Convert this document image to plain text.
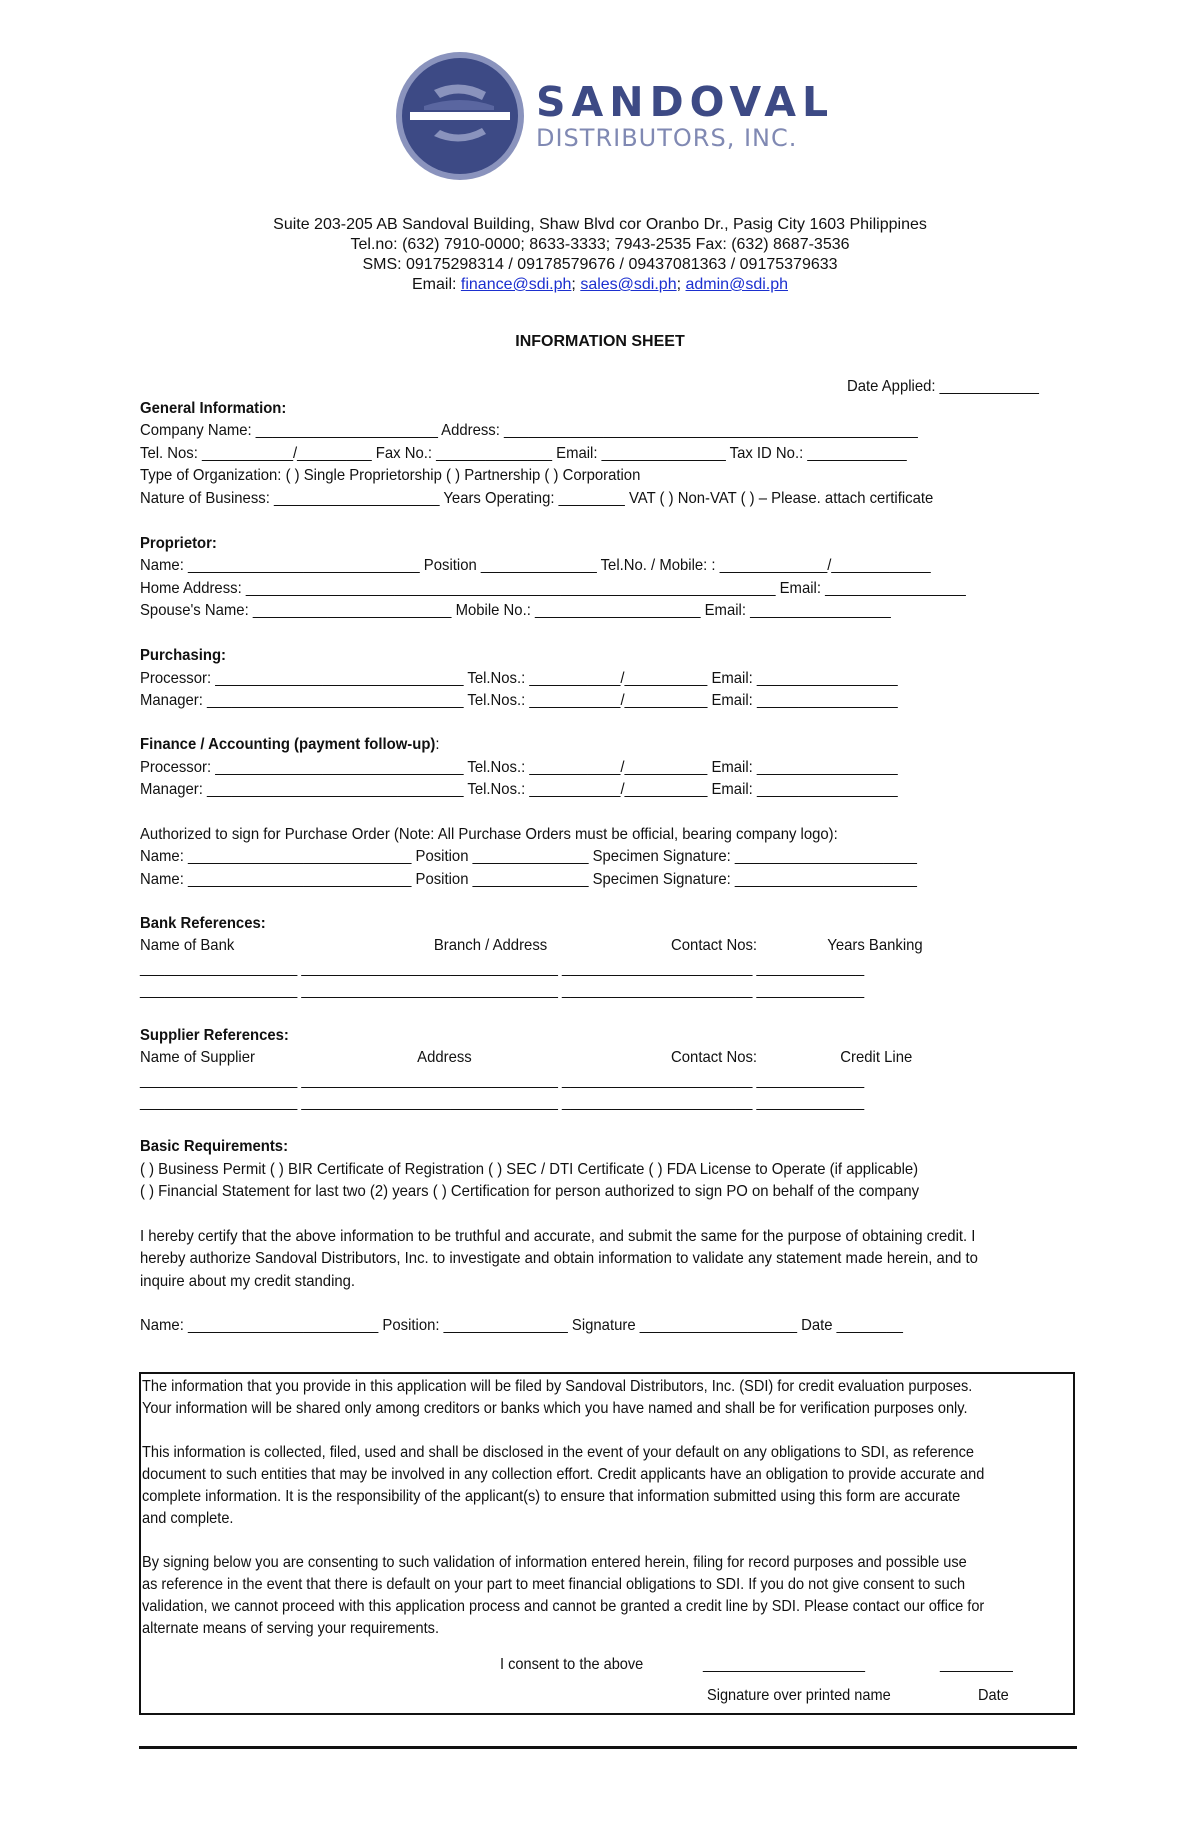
SANDOVAL
DISTRIBUTORS, INC.
Suite 203-205 AB Sandoval Building, Shaw Blvd cor Oranbo Dr., Pasig City 1603 Philippines
Tel.no: (632) 7910-0000; 8633-3333; 7943-2535 Fax: (632) 8687-3536
SMS: 09175298314 / 09178579676 / 09437081363 / 09175379633
Email: finance@sdi.ph; sales@sdi.ph; admin@sdi.ph
INFORMATION SHEET
Date Applied: ____________
General Information:
Company Name: ______________________ Address: __________________________________________________
Tel. Nos: ___________/_________ Fax No.: ______________ Email: _______________ Tax ID No.: ____________
Type of Organization: ( ) Single Proprietorship ( ) Partnership ( ) Corporation
Nature of Business: ____________________ Years Operating: ________ VAT ( ) Non-VAT ( ) – Please. attach certificate
Proprietor:
Name: ____________________________ Position ______________ Tel.No. / Mobile: : _____________/____________
Home Address: ________________________________________________________________ Email: _________________
Spouse's Name: ________________________ Mobile No.: ____________________ Email: _________________
Purchasing:
Processor: ______________________________ Tel.Nos.: ___________/__________ Email: _________________
Manager: _______________________________ Tel.Nos.: ___________/__________ Email: _________________
Finance / Accounting (payment follow-up):
Processor: ______________________________ Tel.Nos.: ___________/__________ Email: _________________
Manager: _______________________________ Tel.Nos.: ___________/__________ Email: _________________
Authorized to sign for Purchase Order (Note: All Purchase Orders must be official, bearing company logo):
Name: ___________________________ Position ______________ Specimen Signature: ______________________
Name: ___________________________ Position ______________ Specimen Signature: ______________________
Bank References:
Name of Bank	Branch / Address	Contact Nos:	Years Banking
___________________ _______________________________ _______________________ _____________
___________________ _______________________________ _______________________ _____________
Supplier References:
Name of Supplier	Address	Contact Nos:	Credit Line
___________________ _______________________________ _______________________ _____________
___________________ _______________________________ _______________________ _____________
Basic Requirements:
( ) Business Permit ( ) BIR Certificate of Registration ( ) SEC / DTI Certificate ( ) FDA License to Operate (if applicable)
( ) Financial Statement for last two (2) years ( ) Certification for person authorized to sign PO on behalf of the company
I hereby certify that the above information to be truthful and accurate, and submit the same for the purpose of obtaining credit. I
hereby authorize Sandoval Distributors, Inc. to investigate and obtain information to validate any statement made herein, and to
inquire about my credit standing.
Name: _______________________ Position: _______________ Signature ___________________ Date ________

The information that you provide in this application will be filed by Sandoval Distributors, Inc. (SDI) for credit evaluation purposes.

Your information will be shared only among creditors or banks which you have named and shall be for verification purposes only.

This information is collected, filed, used and shall be disclosed in the event of your default on any obligations to SDI, as reference

document to such entities that may be involved in any collection effort. Credit applicants have an obligation to provide accurate and

complete information. It is the responsibility of the applicant(s) to ensure that information submitted using this form are accurate

and complete.

By signing below you are consenting to such validation of information entered herein, filing for record purposes and possible use

as reference in the event that there is default on your part to meet financial obligations to SDI. If you do not give consent to such

validation, we cannot proceed with this application process and cannot be granted a credit line by SDI. Please contact our office for

alternate means of serving your requirements.

I consent to the above	____________________	_________

Signature over printed name	Date
